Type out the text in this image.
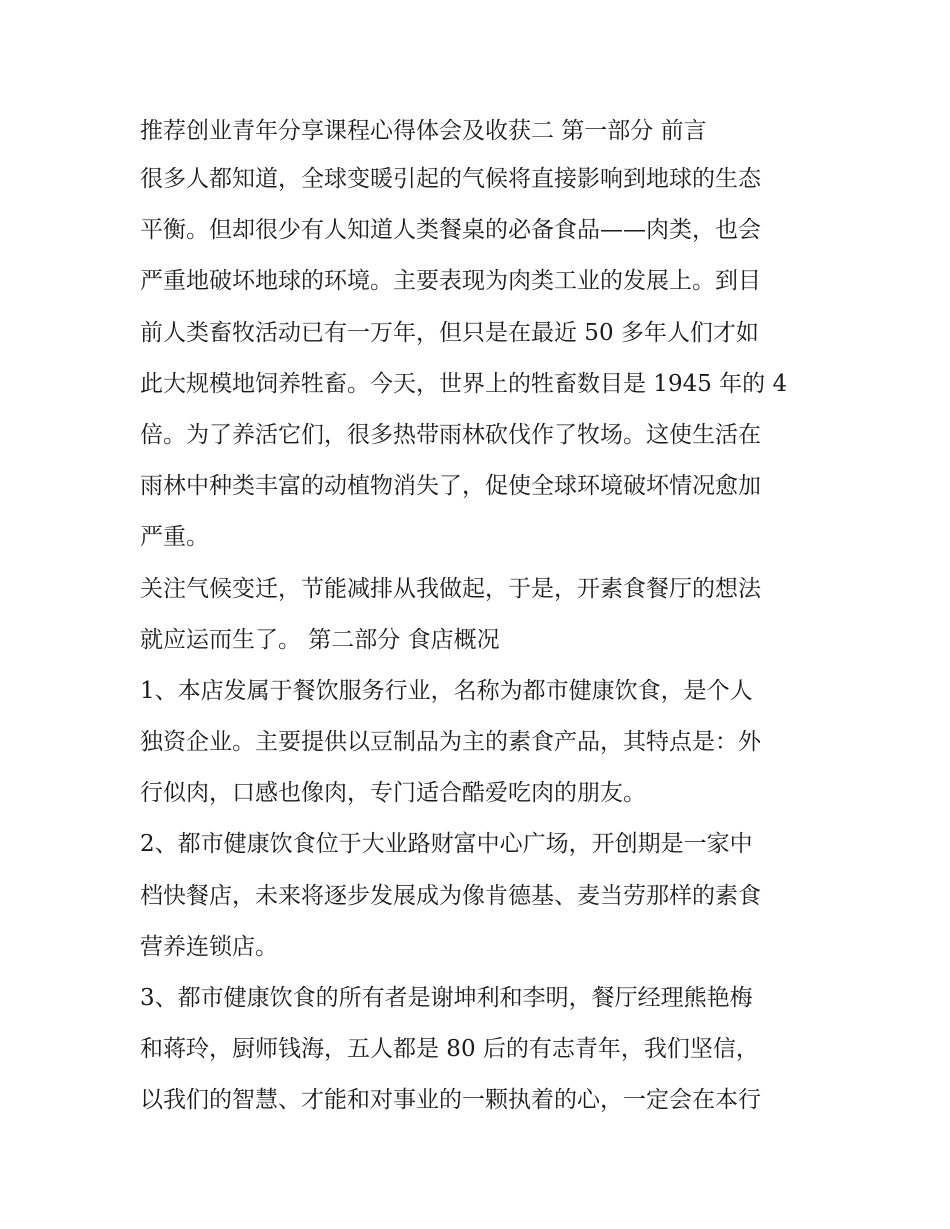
推荐创业青年分享课程心得体会及收获二 第一部分 前言

很多人都知道，全球变暖引起的气候将直接影响到地球的生态
平衡。但却很少有人知道人类餐桌的必备食品——肉类，也会
严重地破坏地球的环境。主要表现为肉类工业的发展上。到目
前人类畜牧活动已有一万年，但只是在最近 50 多年人们才如
此大规模地饲养牲畜。今天，世界上的牲畜数目是 1945 年的 4
倍。为了养活它们，很多热带雨林砍伐作了牧场。这使生活在
雨林中种类丰富的动植物消失了，促使全球环境破坏情况愈加
严重。

关注气候变迁，节能减排从我做起，于是，开素食餐厅的想法
就应运而生了。 第二部分 食店概况

1、本店发属于餐饮服务行业，名称为都市健康饮食，是个人
独资企业。主要提供以豆制品为主的素食产品，其特点是：外
行似肉，口感也像肉，专门适合酷爱吃肉的朋友。

2、都市健康饮食位于大业路财富中心广场，开创期是一家中
档快餐店，未来将逐步发展成为像肯德基、麦当劳那样的素食
营养连锁店。

3、都市健康饮食的所有者是谢坤利和李明，餐厅经理熊艳梅
和蒋玲，厨师钱海，五人都是 80 后的有志青年，我们坚信，
以我们的智慧、才能和对事业的一颗执着的心，一定会在本行
